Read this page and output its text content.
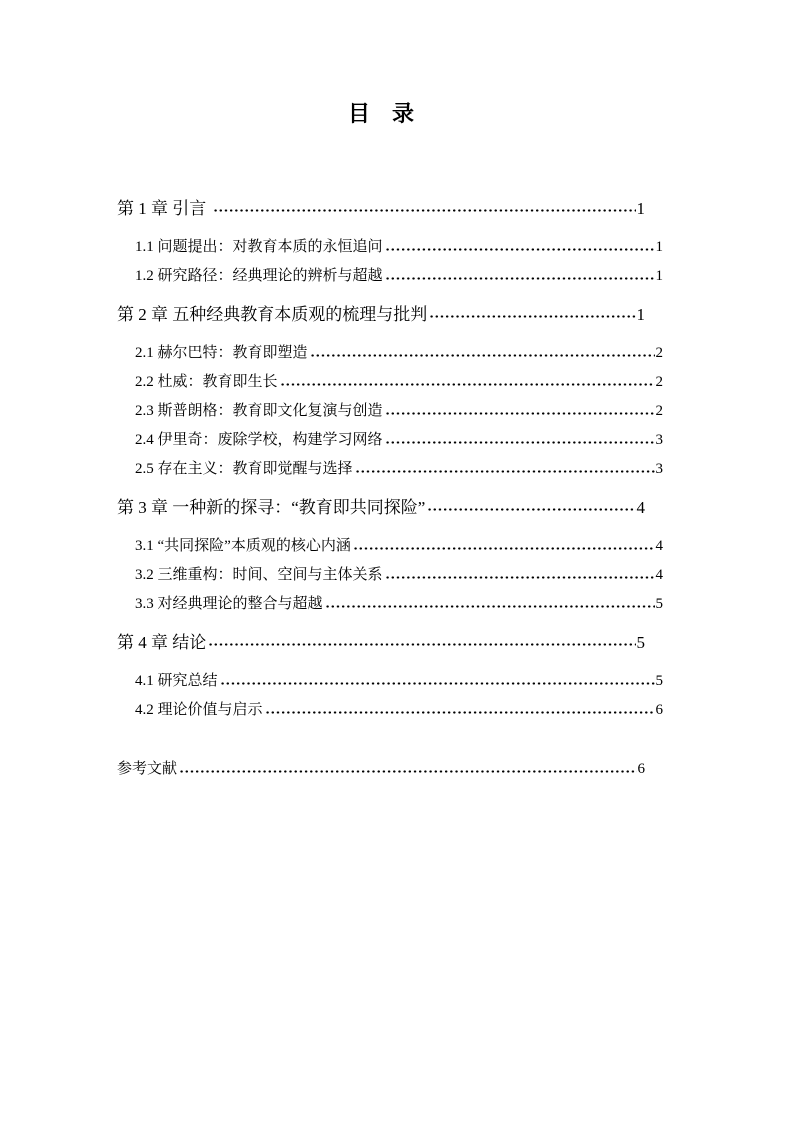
目　录
第 1 章 引言	1
1.1 问题提出：对教育本质的永恒追问	1
1.2 研究路径：经典理论的辨析与超越	1
第 2 章 五种经典教育本质观的梳理与批判	1
2.1 赫尔巴特：教育即塑造	2
2.2 杜威：教育即生长	2
2.3 斯普朗格：教育即文化复演与创造	2
2.4 伊里奇：废除学校，构建学习网络	3
2.5 存在主义：教育即觉醒与选择	3
第 3 章 一种新的探寻：“教育即共同探险”	4
3.1 “共同探险”本质观的核心内涵	4
3.2 三维重构：时间、空间与主体关系	4
3.3 对经典理论的整合与超越	5
第 4 章 结论	5
4.1 研究总结	5
4.2 理论价值与启示	6
参考文献	6
